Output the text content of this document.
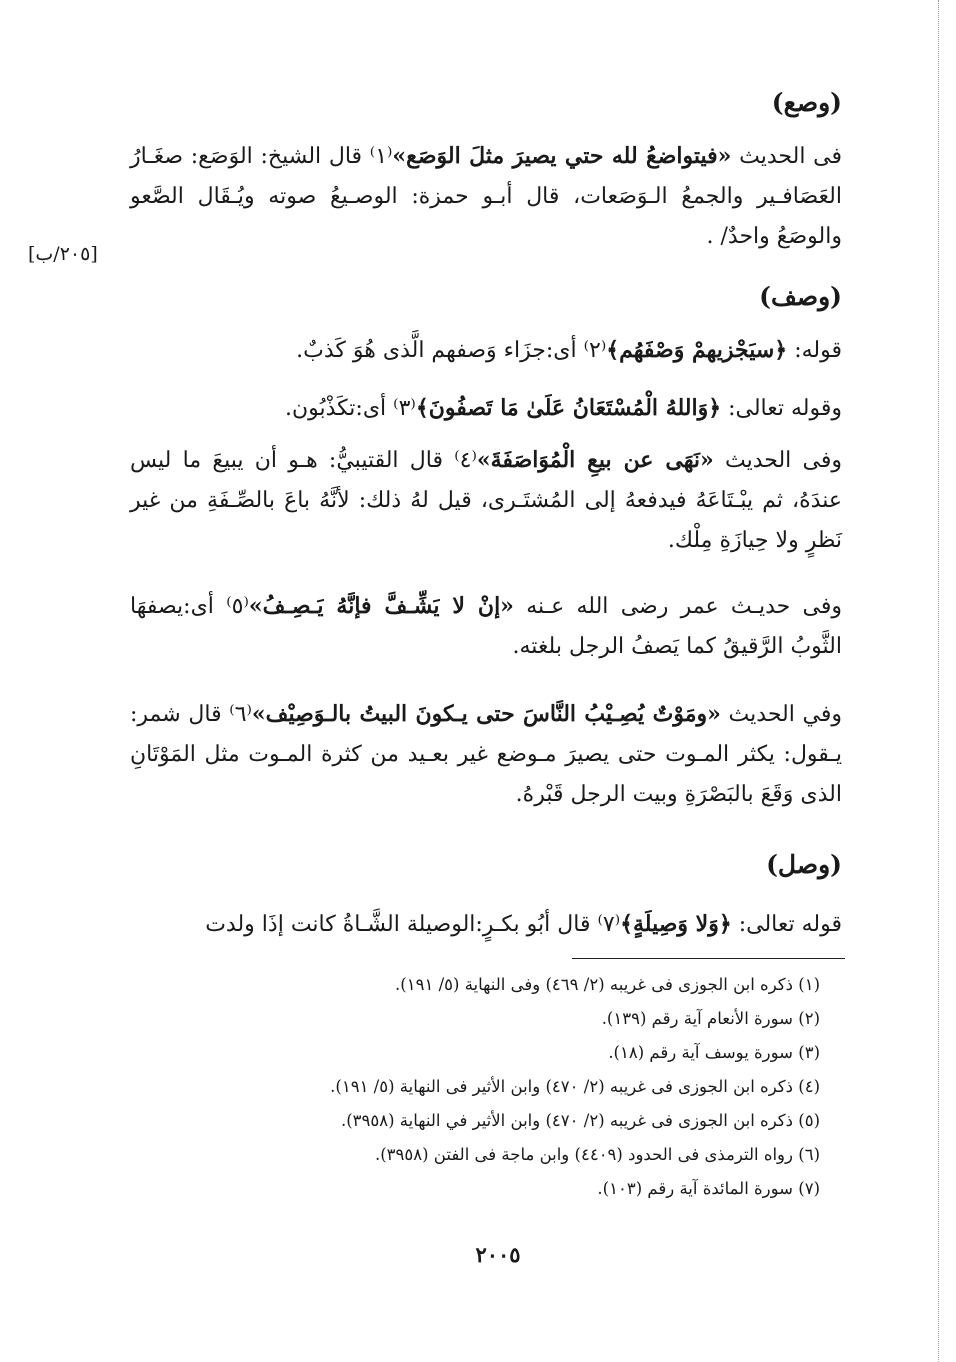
[٢٠٥/ب]
(وصع)
فى الحديث «فيتواضعُ لله حتي يصيرَ مثلَ الوَصَع»⁽١⁾ قال الشيخ: الوَصَع: صغَـارُ العَصَافـير والجمعُ الـوَصَعات، قال أبـو حمزة: الوصـيعُ صوته ويُـقَال الصَّعو والوصَعُ واحدٌ/ .
(وصف)
قوله: ﴿سيَجْزيهمْ وَصْفَهُم﴾⁽٢⁾ أى:جزَاء وَصفهم الَّذى هُوَ كَذبٌ.
وقوله تعالى: ﴿وَاللهُ الْمُسْتَعَانُ عَلَىٰ مَا تَصفُونَ﴾⁽٣⁾ أى:تكَذْبُون.
وفى الحديث «نَهَى عن بيعِ الْمُوَاصَفَةَ»⁽٤⁾ قال القتيبيُّ: هـو أن يبيعَ ما ليس عندَهُ، ثم يبْـتَاعَهُ فيدفعهُ إلى المُشتَـرى، قيل لهُ ذلك: لأنَّهُ باعَ بالصِّـفَةِ من غير نَظرٍ ولا حِيازَةِ مِلْك.
وفى حديـث عمر رضى الله عـنه «إنْ لا يَشِّـفَّ فإنَّهُ يَـصِـفُ»⁽٥⁾ أى:يصفهَا الثَّوبُ الرَّقيقُ كما يَصفُ الرجل بلغته.
وفي الحديث «ومَوْتٌ يُصِـيْبُ النَّاسَ حتى يـكونَ البيتُ بالـوَصِيْف»⁽٦⁾ قال شمر: يـقول: يكثر المـوت حتى يصيرَ مـوضع غير بعـيد من كثرة المـوت مثل المَوْتَانِ الذى وَقَعَ بالبَصْرَةِ وبيت الرجل قَبْرهُ.
(وصل)
قوله تعالى: ﴿وَلا وَصِيلَةٍ﴾⁽٧⁾ قال أبُو بكـرٍ:الوصيلة الشَّـاةُ كانت إذَا ولدت
(١) ذكره ابن الجوزى فى غريبه (٢/ ٤٦٩) وفى النهاية (٥/ ١٩١).
(٢) سورة الأنعام آية رقم (١٣٩).
(٣) سورة يوسف آية رقم (١٨).
(٤) ذكره ابن الجوزى فى غريبه (٢/ ٤٧٠) وابن الأثير فى النهاية (٥/ ١٩١).
(٥) ذكره ابن الجوزى فى غريبه (٢/ ٤٧٠) وابن الأثير في النهاية (٣٩٥٨).
(٦) رواه الترمذى فى الحدود (٤٤٠٩) وابن ماجة فى الفتن (٣٩٥٨).
(٧) سورة المائدة آية رقم (١٠٣).
٢٠٠٥
